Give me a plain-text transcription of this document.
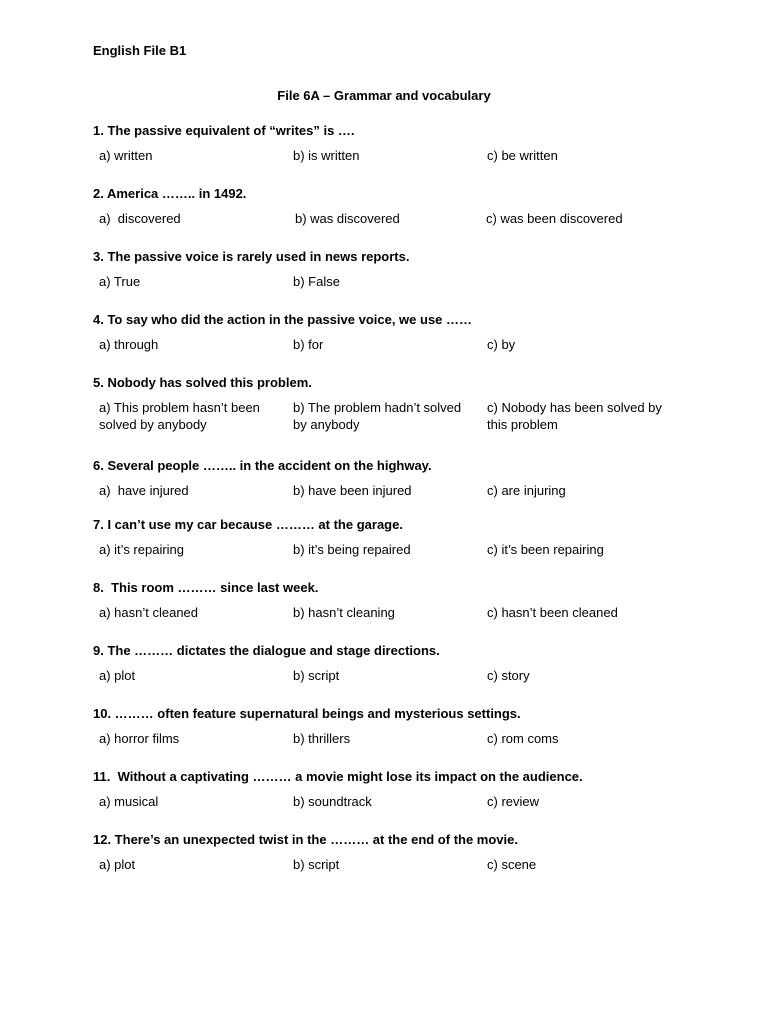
English File B1
File 6A – Grammar and vocabulary
1. The passive equivalent of “writes” is ….
a) written	b) is written	c) be written
2. America …….. in 1492.
a)  discovered	b) was discovered	c) was been discovered
3. The passive voice is rarely used in news reports.
a) True	b) False
4. To say who did the action in the passive voice, we use ……
a) through	b) for	c) by
5. Nobody has solved this problem.
a) This problem hasn’t been solved by anybody
b) The problem hadn’t solved by anybody
c) Nobody has been solved by this problem
6. Several people …….. in the accident on the highway.
a)  have injured	b) have been injured	c) are injuring
7. I can’t use my car because ……… at the garage.
a) it’s repairing	b) it’s being repaired	c) it’s been repairing
8.  This room ……… since last week.
a) hasn’t cleaned	b) hasn’t cleaning	c) hasn’t been cleaned
9. The ……… dictates the dialogue and stage directions.
a) plot	b) script	c) story
10. ……… often feature supernatural beings and mysterious settings.
a) horror films	b) thrillers	c) rom coms
11.  Without a captivating ……… a movie might lose its impact on the audience.
a) musical	b) soundtrack	c) review
12. There’s an unexpected twist in the ……… at the end of the movie.
a) plot	b) script	c) scene
